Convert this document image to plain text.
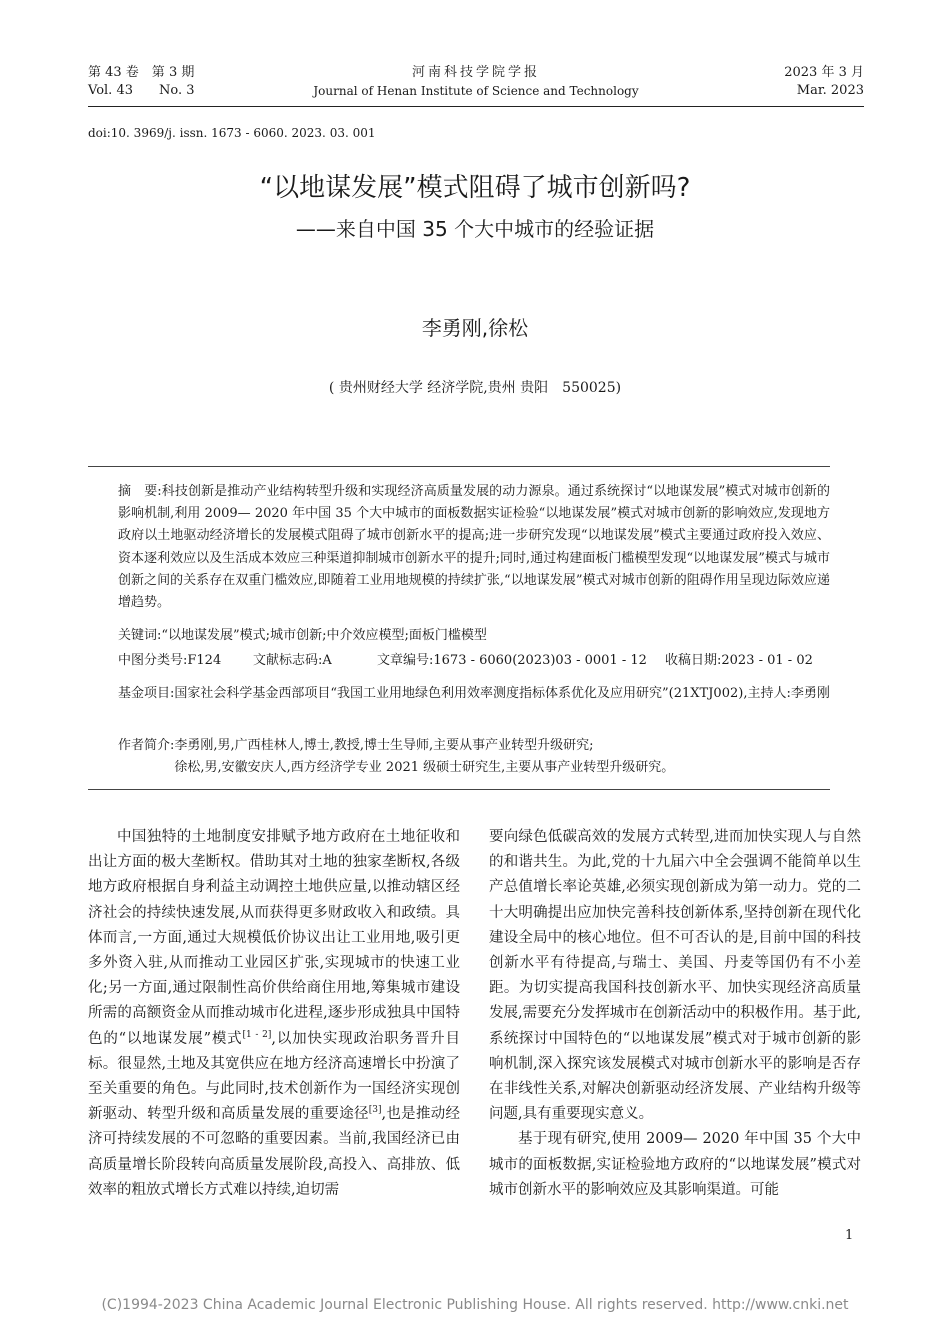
第 43 卷　第 3 期
Vol. 43　　No. 3
河南科技学院学报
Journal of Henan Institute of Science and Technology
2023 年 3 月
Mar. 2023
doi:10. 3969/j. issn. 1673 - 6060. 2023. 03. 001
“以地谋发展”模式阻碍了城市创新吗?
——来自中国 35 个大中城市的经验证据
李勇刚,徐松
( 贵州财经大学 经济学院,贵州 贵阳　550025)

摘　要:科技创新是推动产业结构转型升级和实现经济高质量发展的动力源泉。通过系统探讨“以地谋发展”模式对城市创新的影响机制,利用 2009— 2020 年中国 35 个大中城市的面板数据实证检验“以地谋发展”模式对城市创新的影响效应,发现地方政府以土地驱动经济增长的发展模式阻碍了城市创新水平的提高;进一步研究发现“以地谋发展”模式主要通过政府投入效应、资本逐利效应以及生活成本效应三种渠道抑制城市创新水平的提升;同时,通过构建面板门槛模型发现“以地谋发展”模式与城市创新之间的关系存在双重门槛效应,即随着工业用地规模的持续扩张,“以地谋发展”模式对城市创新的阻碍作用呈现边际效应递增趋势。

关键词:“以地谋发展”模式;城市创新;中介效应模型;面板门槛模型
中图分类号:F124 文献标志码:A	文章编号:1673 - 6060(2023)03 - 0001 - 12 收稿日期:2023 - 01 - 02
基金项目: 国家社会科学基金西部项目“我国工业用地绿色利用效率测度指标体系优化及应用研究”(21XTJ002),主持人:李勇刚
作者简介: 李勇刚,男,广西桂林人,博士,教授,博士生导师,主要从事产业转型升级研究;

徐松,男,安徽安庆人,西方经济学专业 2021 级硕士研究生,主要从事产业转型升级研究。

中国独特的土地制度安排赋予地方政府在土地征收和出让方面的极大垄断权。借助其对土地的独家垄断权,各级地方政府根据自身利益主动调控土地供应量,以推动辖区经济社会的持续快速发展,从而获得更多财政收入和政绩。具体而言,一方面,通过大规模低价协议出让工业用地,吸引更多外资入驻,从而推动工业园区扩张,实现城市的快速工业化;另一方面,通过限制性高价供给商住用地,筹集城市建设所需的高额资金从而推动城市化进程,逐步形成独具中国特色的“以地谋发展”模式[1 - 2],以加快实现政治职务晋升目标。很显然,土地及其宽供应在地方经济高速增长中扮演了至关重要的角色。与此同时,技术创新作为一国经济实现创新驱动、转型升级和高质量发展的重要途径[3],也是推动经济可持续发展的不可忽略的重要因素。当前,我国经济已由高质量增长阶段转向高质量发展阶段,高投入、高排放、低效率的粗放式增长方式难以持续,迫切需

要向绿色低碳高效的发展方式转型,进而加快实现人与自然的和谐共生。为此,党的十九届六中全会强调不能简单以生产总值增长率论英雄,必须实现创新成为第一动力。党的二十大明确提出应加快完善科技创新体系,坚持创新在现代化建设全局中的核心地位。但不可否认的是,目前中国的科技创新水平有待提高,与瑞士、美国、丹麦等国仍有不小差距。为切实提高我国科技创新水平、加快实现经济高质量发展,需要充分发挥城市在创新活动中的积极作用。基于此,系统探讨中国特色的“以地谋发展”模式对于城市创新的影响机制,深入探究该发展模式对城市创新水平的影响是否存在非线性关系,对解决创新驱动经济发展、产业结构升级等问题,具有重要现实意义。

基于现有研究,使用 2009— 2020 年中国 35 个大中城市的面板数据,实证检验地方政府的“以地谋发展”模式对城市创新水平的影响效应及其影响渠道。可能

1
(C)1994-2023 China Academic Journal Electronic Publishing House. All rights reserved. http://www.cnki.net
